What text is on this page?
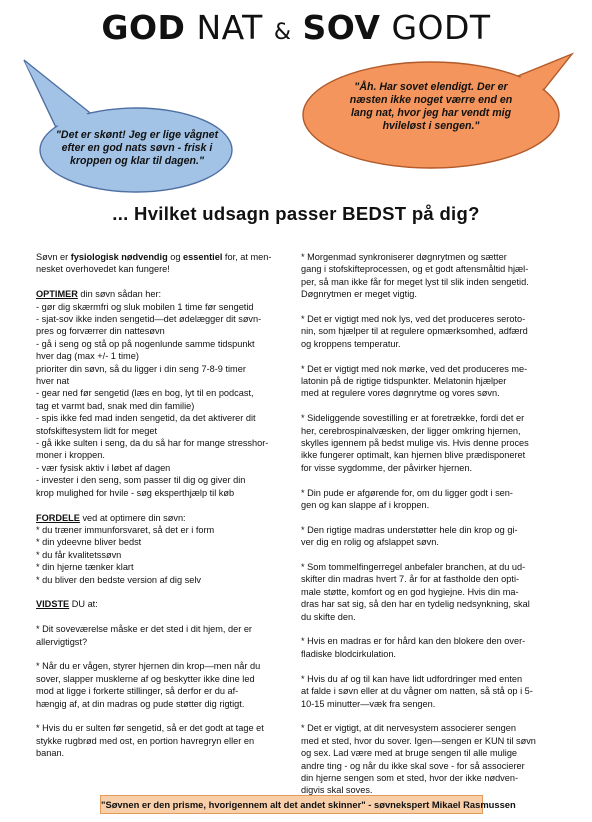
GOD NAT & SOV GODT
"Det er skønt! Jeg er lige vågnet
efter en god nats søvn - frisk i
kroppen og klar til dagen."
"Åh. Har sovet elendigt. Der er
næsten ikke noget værre end en
lang nat, hvor jeg har vendt mig
hvileløst i sengen."
... Hvilket udsagn passer BEDST på dig?
Søvn er fysiologisk nødvendig og essentiel for, at men-
nesket overhovedet kan fungere!
OPTIMER din søvn sådan her:
- gør dig skærmfri og sluk mobilen 1 time før sengetid
- sjat-sov ikke inden sengetid—det ødelægger dit søvn-
pres og forværrer din nattesøvn
- gå i seng og stå op på nogenlunde samme tidspunkt
hver dag (max +/- 1 time)
prioriter din søvn, så du ligger i din seng 7-8-9 timer
hver nat
- gear ned før sengetid (læs en bog, lyt til en podcast,
tag et varmt bad, snak med din familie)
- spis ikke fed mad inden sengetid, da det aktiverer dit
stofskiftesystem lidt for meget
- gå ikke sulten i seng, da du så har for mange stresshor-
moner i kroppen.
- vær fysisk aktiv i løbet af dagen
- invester i den seng, som passer til dig og giver din
krop mulighed for hvile - søg eksperthjælp til køb
FORDELE ved at optimere din søvn:
* du træner immunforsvaret, så det er i form
* din ydeevne bliver bedst
* du får kvalitetssøvn
* din hjerne tænker klart
* du bliver den bedste version af dig selv
VIDSTE DU at:
* Dit soveværelse måske er det sted i dit hjem, der er
allervigtigst?
* Når du er vågen, styrer hjernen din krop—men når du
sover, slapper musklerne af og beskytter ikke dine led
mod at ligge i forkerte stillinger, så derfor er du af-
hængig af, at din madras og pude støtter dig rigtigt.
* Hvis du er sulten før sengetid, så er det godt at tage et
stykke rugbrød med ost, en portion havregryn eller en
banan.
* Morgenmad synkroniserer døgnrytmen og sætter
gang i stofskifteprocessen, og et godt aftensmåltid hjæl-
per, så man ikke får for meget lyst til slik inden sengetid.
Døgnrytmen er meget vigtig.
* Det er vigtigt med nok lys, ved det produceres seroto-
nin, som hjælper til at regulere opmærksomhed, adfærd
og kroppens temperatur.
* Det er vigtigt med nok mørke, ved det produceres me-
latonin på de rigtige tidspunkter. Melatonin hjælper
med at regulere vores døgnrytme og vores søvn.
* Sideliggende sovestilling er at foretrække, fordi det er
her, cerebrospinalvæsken, der ligger omkring hjernen,
skylles igennem på bedst mulige vis. Hvis denne proces
ikke fungerer optimalt, kan hjernen blive prædisponeret
for visse sygdomme, der påvirker hjernen.
* Din pude er afgørende for, om du ligger godt i sen-
gen og kan slappe af i kroppen.
* Den rigtige madras understøtter hele din krop og gi-
ver dig en rolig og afslappet søvn.
* Som tommelfingerregel anbefaler branchen, at du ud-
skifter din madras hvert 7. år for at fastholde den opti-
male støtte, komfort og en god hygiejne. Hvis din ma-
dras har sat sig, så den har en tydelig nedsynkning, skal
du skifte den.
* Hvis en madras er for hård kan den blokere den over-
fladiske blodcirkulation.
* Hvis du af og til kan have lidt udfordringer med enten
at falde i søvn eller at du vågner om natten, så stå op i 5-
10-15 minutter—væk fra sengen.
* Det er vigtigt, at dit nervesystem associerer sengen
med et sted, hvor du sover. Igen—sengen er KUN til søvn
og sex. Lad være med at bruge sengen til alle mulige
andre ting - og når du ikke skal sove - for så associerer
din hjerne sengen som et sted, hvor der ikke nødven-
digvis skal soves.
"Søvnen er den prisme, hvorigennem alt det andet skinner" - søvnekspert Mikael Rasmussen
